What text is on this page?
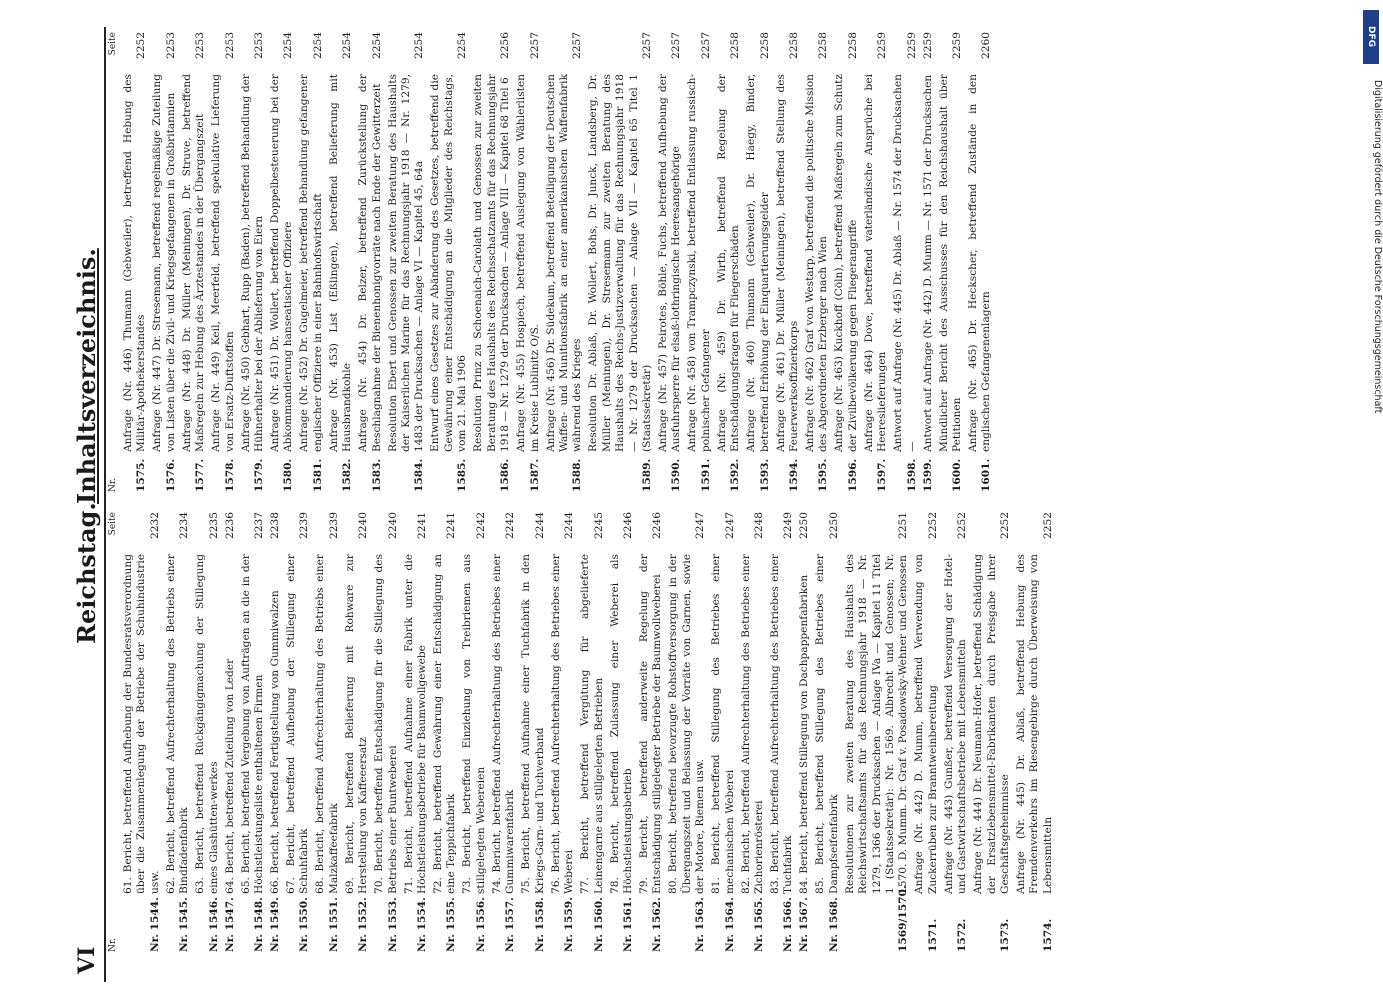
VI
Reichstag.
Inhaltsverzeichnis.
Nr.
Seite
Nr. 1544.
61. Bericht, betreffend Aufhebung der Bundesratsverordnung über die Zusammenlegung der Betriebe der Schuhindustrie usw.
2232
Nr. 1545.
62. Bericht, betreffend Aufrechterhaltung des Betriebs einer Bindfadenfabrik
2234
Nr. 1546.
63. Bericht, betreffend Rückgängigmachung der Stillegung eines Glashütten-werkes
2235
Nr. 1547.
64. Bericht, betreffend Zuteilung von Leder
2236
Nr. 1548.
65. Bericht, betreffend Vergebung von Aufträgen an die in der Höchstleistungsliste enthaltenen Firmen
2237
Nr. 1549.
66. Bericht, betreffend Fertigstellung von Gummiwalzen
2238
Nr. 1550.
67. Bericht, betreffend Aufhebung der Stillegung einer Schuhfabrik
2239
Nr. 1551.
68. Bericht, betreffend Aufrechterhaltung des Betriebs einer Malzkaffeefabrik
2239
Nr. 1552.
69. Bericht, betreffend Belieferung mit Rohware zur Herstellung von Kaffeeersatz
2240
Nr. 1553.
70. Bericht, betreffend Entschädigung für die Stillegung des Betriebs einer Buntweberei
2240
Nr. 1554.
71. Bericht, betreffend Aufnahme einer Fabrik unter die Höchstleistungsbetriebe für Baumwollgewebe
2241
Nr. 1555.
72. Bericht, betreffend Gewährung einer Entschädigung an eine Teppichfabrik
2241
Nr. 1556.
73. Bericht, betreffend Einziehung von Treibriemen aus stillgelegten Webereien
2242
Nr. 1557.
74. Bericht, betreffend Aufrechterhaltung des Betriebes einer Gummiwarenfabrik
2242
Nr. 1558.
75. Bericht, betreffend Aufnahme einer Tuchfabrik in den Kriegs-Garn- und Tuchverband
2244
Nr. 1559.
76. Bericht, betreffend Aufrechterhaltung des Betriebes einer Weberei
2244
Nr. 1560.
77. Bericht, betreffend Vergütung für abgelieferte Leinengarne aus stillgelegten Betrieben
2245
Nr. 1561.
78. Bericht, betreffend Zulassung einer Weberei als Höchstleistungsbetrieb
2246
Nr. 1562.
79. Bericht, betreffend anderweite Regelung der Entschädigung stillgelegter Betriebe der Baumwollweberei
2246
Nr. 1563.
80. Bericht, betreffend bevorzugte Rohstoffversorgung in der Übergangszeit und Belassung der Vorräte von Garnen, sowie der Motore, Riemen usw.
2247
Nr. 1564.
81. Bericht, betreffend Stillegung des Betriebes einer mechanischen Weberei
2247
Nr. 1565.
82. Bericht, betreffend Aufrechterhaltung des Betriebes einer Zichorienrösterei
2248
Nr. 1566.
83. Bericht, betreffend Aufrechterhaltung des Betriebes einer Tuchfabrik
2249
Nr. 1567.
84. Bericht, betreffend Stillegung von Dachpappenfabriken
2250
Nr. 1568.
85. Bericht, betreffend Stillegung des Betriebes einer Dampfseifenfabrik
2250
1569/1570.
Resolutionen zur zweiten Beratung des Haushalts des Reichswirtschaftsamts für das Rechnungsjahr 1918 — Nr. 1279, 1366 der Drucksachen — Anlage IVa — Kapitel 11 Titel 1 (Staatssekretär): Nr. 1569. Albrecht und Genossen; Nr. 1570. D. Mumm. Dr. Graf v. Posadowsky-Wehner und Genossen
2251
1571.
Anfrage (Nr. 442) D. Mumm, betreffend Verwendung von Zuckerrüben zur Branntweinbereitung
2252
1572.
Anfrage (Nr. 443) Gunßer, betreffend Versorgung der Hotel- und Gastwirtschaftsbetriebe mit Lebensmitteln
2252
1573.
Anfrage (Nr. 444) Dr. Neumann-Hofer, betreffend Schädigung der Ersatzlebensmittel-Fabrikanten durch Preisgabe ihrer Geschäftsgeheimnisse
2252
1574.
Anfrage (Nr. 445) Dr. Ablaß, betreffend Hebung des Fremdenverkehrs im Riesengebirge durch Überweisung von Lebensmitteln
2252
Nr.
Seite
1575.
Anfrage (Nr. 446) Thumann (Gebweiler), betreffend Hebung des Militär-Apothekerstandes
2252
1576.
Anfrage (Nr. 447) Dr. Stresemann, betreffend regelmäßige Zuteilung von Listen über die Zivil- und Kriegsgefangenen in Großbritannien
2253
1577.
Anfrage (Nr. 448) Dr. Müller (Meiningen), Dr. Struve, betreffend Maßregeln zur Hebung des Ärztestandes in der Übergangszeit
2253
1578.
Anfrage (Nr. 449) Keil, Meerfeld, betreffend spekulative Lieferung von Ersatz-Duftstoffen
2253
1579.
Anfrage (Nr. 450) Gebhart, Rupp (Baden), betreffend Behandlung der Hühnerhalter bei der Ablieferung von Eiern
2253
1580.
Anfrage (Nr. 451) Dr. Wollert, betreffend Doppelbesteuerung bei der Abkommandierung hanseatischer Offiziere
2254
1581.
Anfrage (Nr. 452) Dr. Gugelmeier, betreffend Behandlung gefangener englischer Offiziere in einer Bahnhofswirtschaft
2254
1582.
Anfrage (Nr. 453) List (Eßlingen), betreffend Belieferung mit Hausbrandkohle
2254
1583.
Anfrage (Nr. 454) Dr. Belzer, betreffend Zurückstellung der Beschlagnahme der Bienenhonigvorräte nach Ende der Gewitterzeit
2254
1584.
Resolution Ebert und Genossen zur zweiten Beratung des Haushalts der Kaiserlichen Marine für das Rechnungsjahr 1918 — Nr. 1279, 1483 der Drucksachen — Anlage VI — Kapitel 45, 64a
2254
1585.
Entwurf eines Gesetzes zur Abänderung des Gesetzes, betreffend die Gewährung einer Entschädigung an die Mitglieder des Reichstags, vom 21. Mai 1906
2254
1586.
Resolution Prinz zu Schoenaich-Carolath und Genossen zur zweiten Beratung des Haushalts des Reichsschatzamts für das Rechnungsjahr 1918 — Nr. 1279 der Drucksachen — Anlage VIII — Kapitel 68 Titel 6
2256
1587.
Anfrage (Nr. 455) Hospiech, betreffend Auslegung von Wählerlisten im Kreise Lublinitz O/S.
2257
1588.
Anfrage (Nr. 456) Dr. Südekum, betreffend Beteiligung der Deutschen Waffen- und Munitionsfabrik an einer amerikanischen Waffenfabrik während des Krieges
2257
1589.
Resolution Dr. Ablaß, Dr. Wollert, Bohs, Dr. Junck, Landsberg, Dr. Müller (Meiningen), Dr. Stresemann zur zweiten Beratung des Haushalts des Reichs-Justizverwaltung für das Rechnungsjahr 1918 — Nr. 1279 der Drucksachen — Anlage VII — Kapitel 65 Titel 1 (Staatssekretär)
2257
1590.
Anfrage (Nr. 457) Peirotes, Böhle, Fuchs, betreffend Aufhebung der Ausfuhrsperre für elsaß-lothringische Heeresangehörige
2257
1591.
Anfrage (Nr. 458) von Trampczynski, betreffend Entlassung russisch-polnischer Gefangener
2257
1592.
Anfrage (Nr. 459) Dr. Wirth, betreffend Regelung der Entschädigungsfragen für Fliegerschäden
2258
1593.
Anfrage (Nr. 460) Thumann (Gebweiler), Dr. Haegy, Binder, betreffend Erhöhung der Einquartierungsgelder
2258
1594.
Anfrage (Nr. 461) Dr. Müller (Meiningen), betreffend Stellung des Feuerwerksoffizierkorps
2258
1595.
Anfrage (Nr. 462) Graf von Westarp, betreffend die politische Mission des Abgeordneten Erzberger nach Wien
2258
1596.
Anfrage (Nr. 463) Kuckhoff (Cöln), betreffend Maßregeln zum Schutz der Zivilbevölkerung gegen Fliegerangriffe
2258
1597.
Anfrage (Nr. 464) Dove, betreffend vaterländische Ansprüche bei Heereslieferungen
2259
1598.
Antwort auf Anfrage (Nr. 445) Dr. Ablaß — Nr. 1574 der Drucksachen —
2259
1599.
Antwort auf Anfrage (Nr. 442) D. Mumm — Nr. 1571 der Drucksachen
2259
1600.
Mündlicher Bericht des Ausschusses für den Reichshaushalt über Petitionen
2259
1601.
Anfrage (Nr. 465) Dr. Heckscher, betreffend Zustände in den englischen Gefangenenlagern
2260	DFG
Digitalisierung gefördert durch die Deutsche Forschungsgemeinschaft
